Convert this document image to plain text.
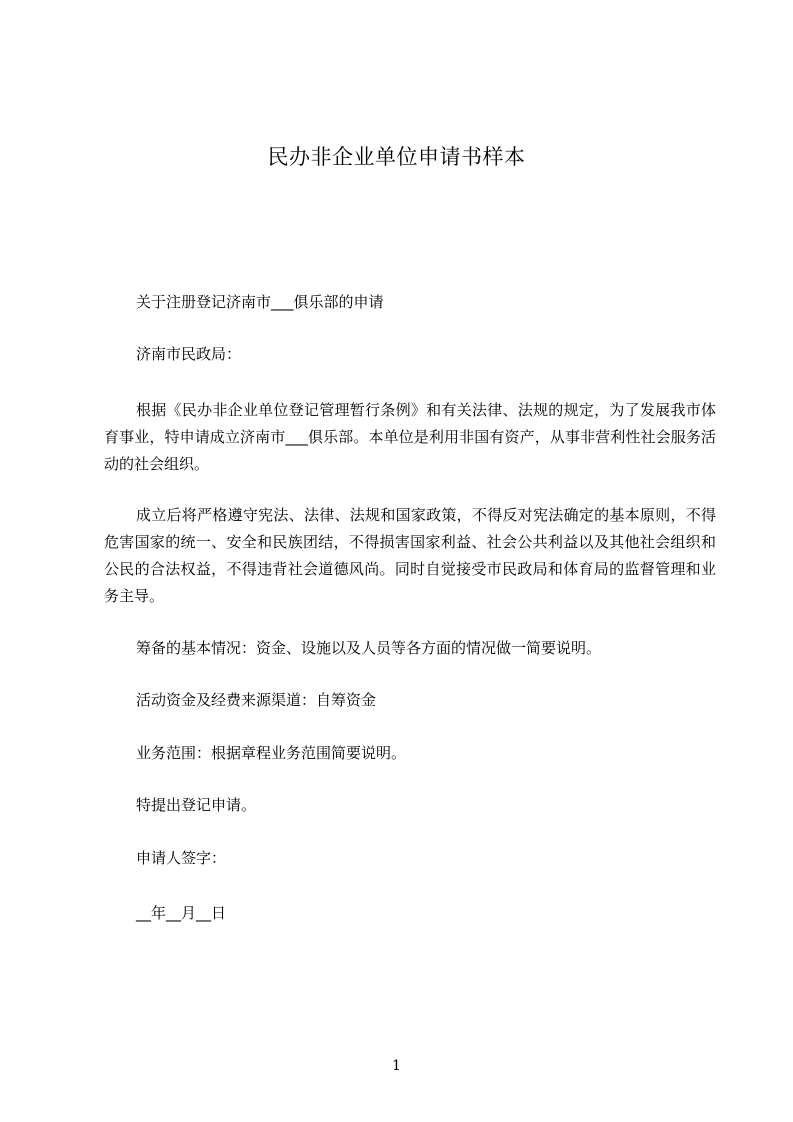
民办非企业单位申请书样本
关于注册登记济南市___俱乐部的申请
济南市民政局：

根据《民办非企业单位登记管理暂行条例》和有关法律、法规的规定，为了发展我市体育事业，特申请成立济南市___俱乐部。本单位是利用非国有资产，从事非营利性社会服务活动的社会组织。

成立后将严格遵守宪法、法律、法规和国家政策，不得反对宪法确定的基本原则，不得危害国家的统一、安全和民族团结，不得损害国家利益、社会公共利益以及其他社会组织和公民的合法权益，不得违背社会道德风尚。同时自觉接受市民政局和体育局的监督管理和业务主导。

筹备的基本情况：资金、设施以及人员等各方面的情况做一简要说明。
活动资金及经费来源渠道：自筹资金
业务范围：根据章程业务范围简要说明。
特提出登记申请。
申请人签字：
__年__月__日
1
